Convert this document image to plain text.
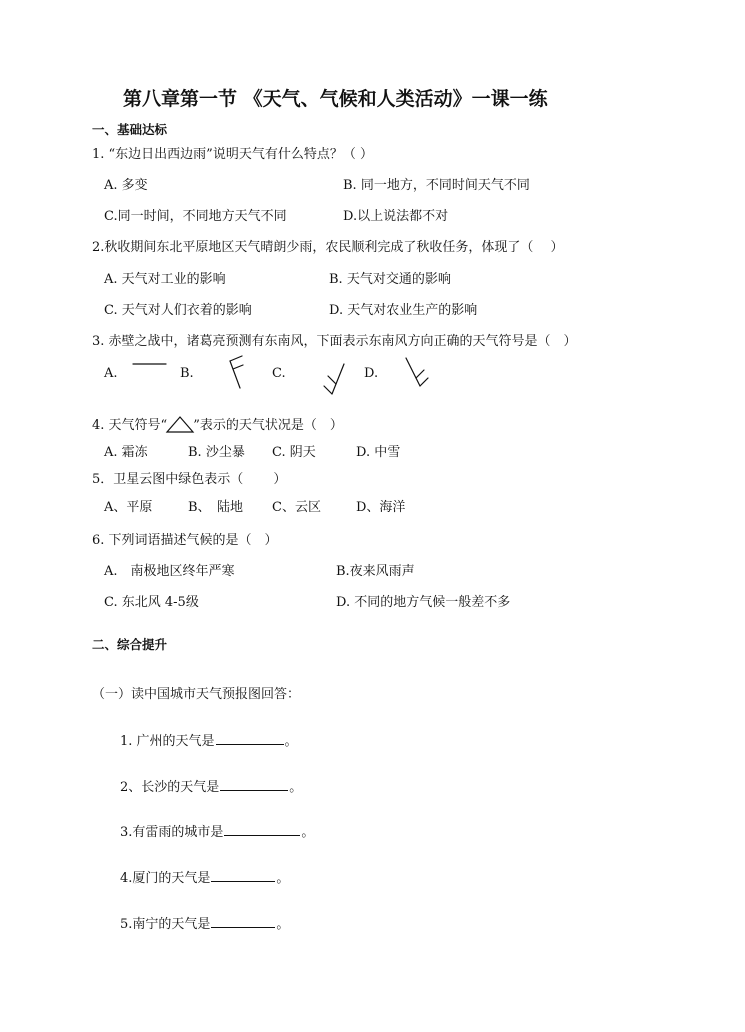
第八章第一节 《天气、气候和人类活动》一课一练
一、基础达标
1. “东边日出西边雨”说明天气有什么特点？（ ）
A. 多变	B. 同一地方，不同时间天气不同
C.同一时间，不同地方天气不同	D.以上说法都不对
2.秋收期间东北平原地区天气晴朗少雨，农民顺利完成了秋收任务，体现了（　 ）
A. 天气对工业的影响	B. 天气对交通的影响
C. 天气对人们衣着的影响	D. 天气对农业生产的影响
3. 赤壁之战中，诸葛亮预测有东南风，下面表示东南风方向正确的天气符号是（　）
A.	B.	C.	D.
4. 天气符号“ ”表示的天气状况是（　）
A. 霜冻	B. 沙尘暴 C. 阴天	D. 中雪
5．卫星云图中绿色表示（　　 ）
A、平原	B、　陆地 C、云区	D、海洋
6. 下列词语描述气候的是（　）
A.　南极地区终年严寒	B.夜来风雨声
C. 东北风 4-5级	D. 不同的地方气候一般差不多
二、综合提升
（一）读中国城市天气预报图回答：
1. 广州的天气是	。
2、长沙的天气是	。
3.有雷雨的城市是	。
4.厦门的天气是	。
5.南宁的天气是	。
